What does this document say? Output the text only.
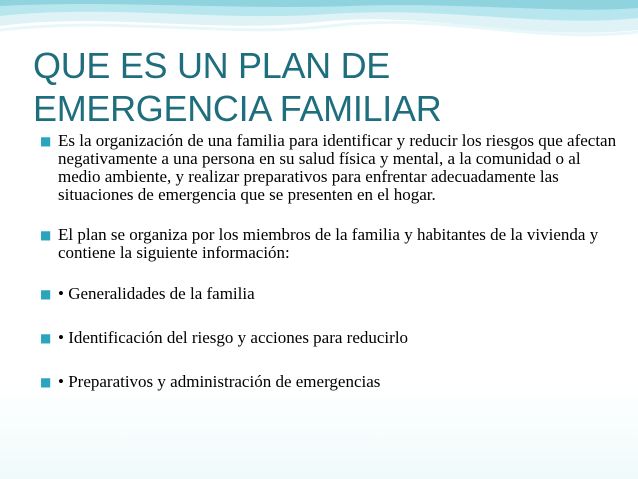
QUE ES UN PLAN DE EMERGENCIA FAMILIAR
■ Es la organización de una familia para identificar y reducir los riesgos que afectan negativamente a una persona en su salud física y mental, a la comunidad o al medio ambiente, y realizar preparativos para enfrentar adecuadamente las situaciones de emergencia que se presenten en el hogar.
■ El plan se organiza por los miembros de la familia y habitantes de la vivienda y contiene la siguiente información:
■ • Generalidades de la familia
■ • Identificación del riesgo y acciones para reducirlo
■ • Preparativos y administración de emergencias
